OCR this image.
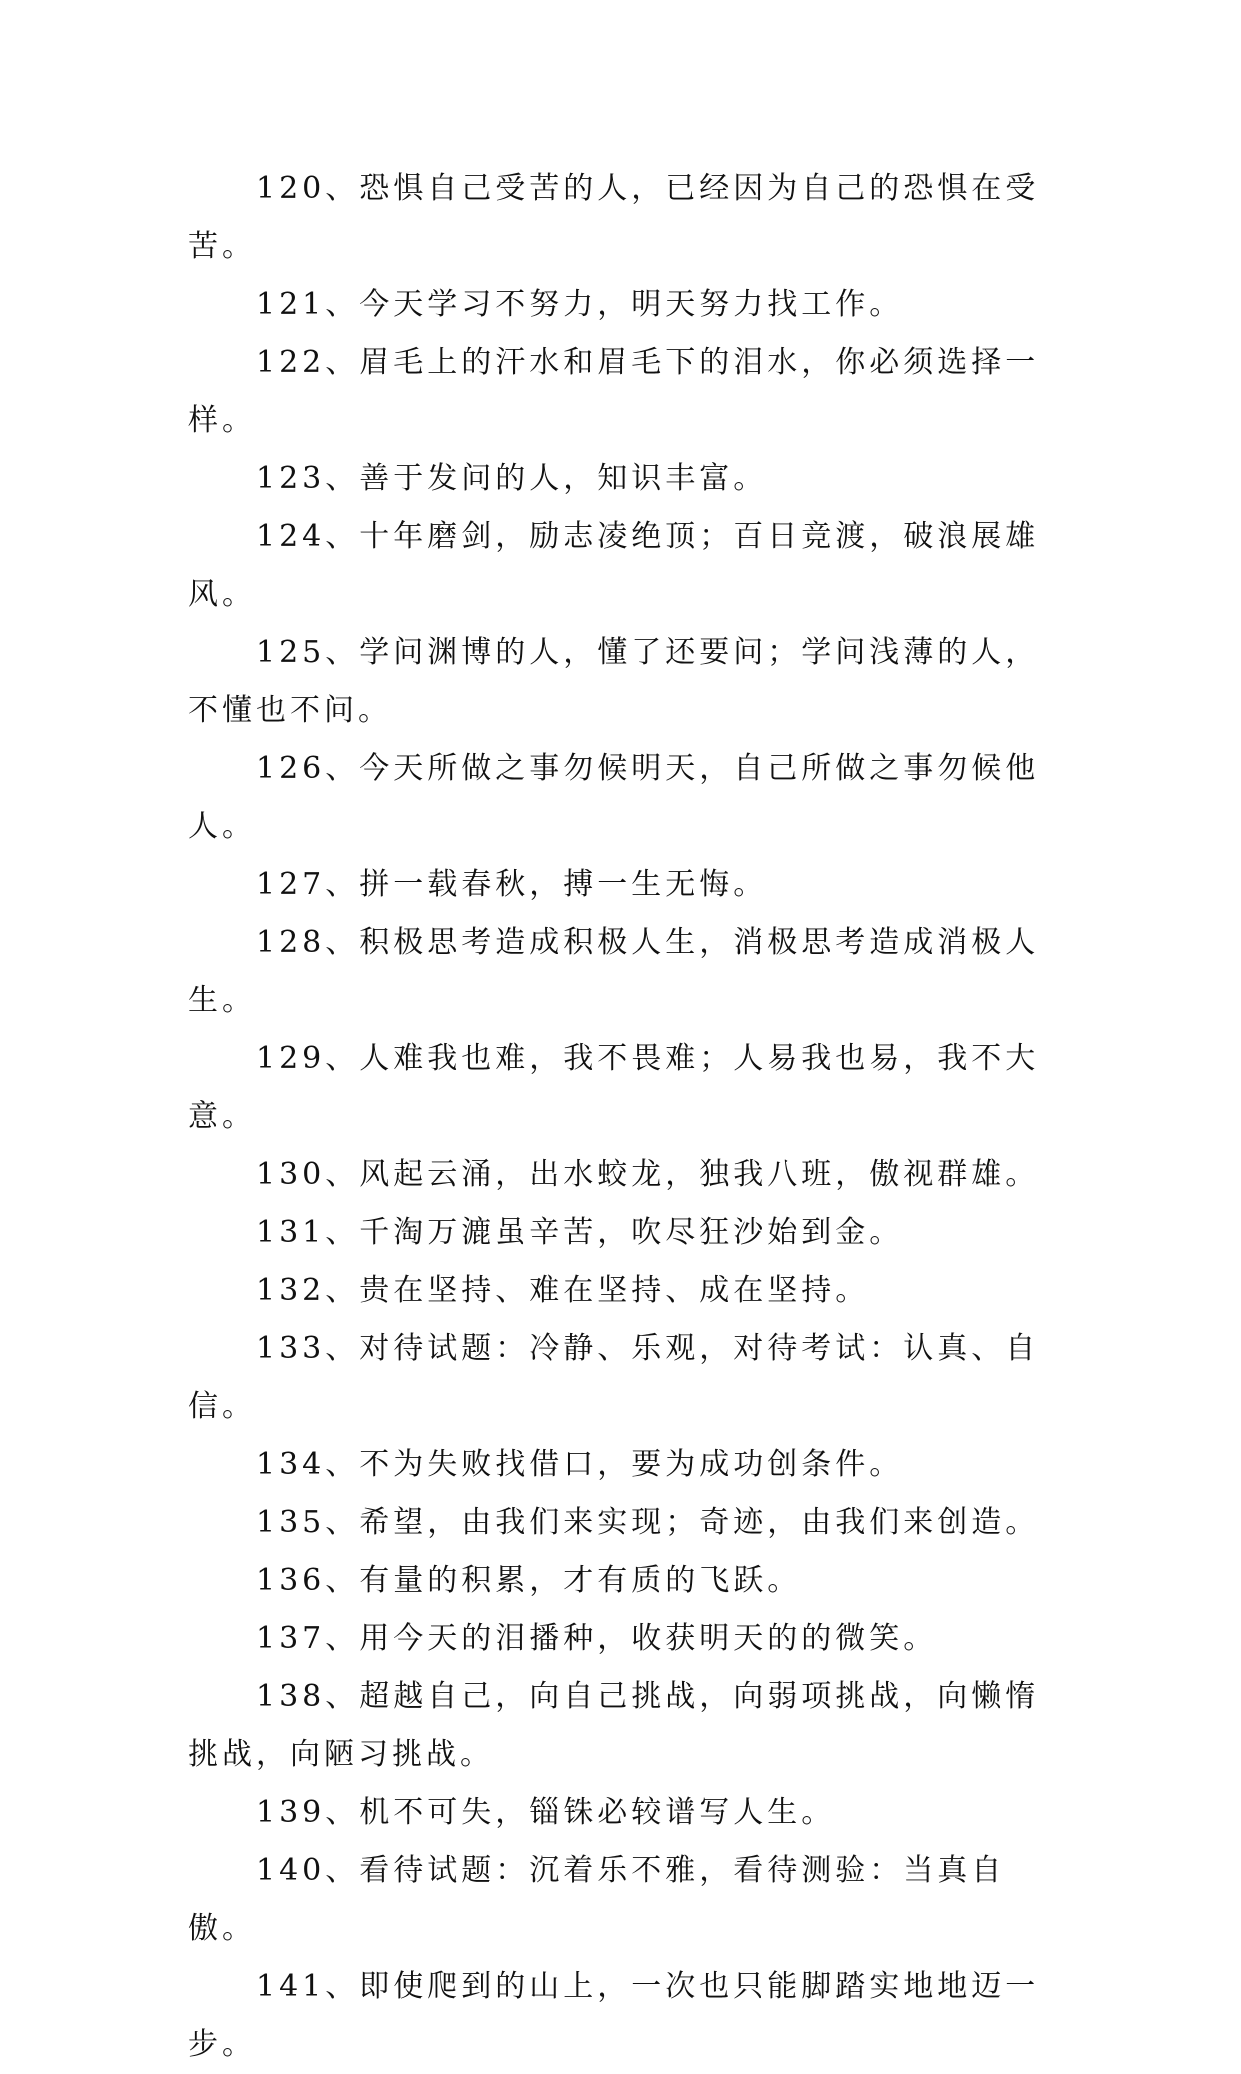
120、恐惧自己受苦的人，已经因为自己的恐惧在受苦。

121、今天学习不努力，明天努力找工作。

122、眉毛上的汗水和眉毛下的泪水，你必须选择一样。

123、善于发问的人，知识丰富。

124、十年磨剑，励志凌绝顶；百日竞渡，破浪展雄风。

125、学问渊博的人，懂了还要问；学问浅薄的人，不懂也不问。

126、今天所做之事勿候明天，自己所做之事勿候他人。

127、拼一载春秋，搏一生无悔。

128、积极思考造成积极人生，消极思考造成消极人生。

129、人难我也难，我不畏难；人易我也易，我不大意。

130、风起云涌，出水蛟龙，独我八班，傲视群雄。

131、千淘万漉虽辛苦，吹尽狂沙始到金。

132、贵在坚持、难在坚持、成在坚持。

133、对待试题：冷静、乐观，对待考试：认真、自信。

134、不为失败找借口，要为成功创条件。

135、希望，由我们来实现；奇迹，由我们来创造。

136、有量的积累，才有质的飞跃。

137、用今天的泪播种，收获明天的的微笑。

138、超越自己，向自己挑战，向弱项挑战，向懒惰挑战，向陋习挑战。

139、机不可失，锱铢必较谱写人生。

140、看待试题：沉着乐不雅，看待测验：当真自傲。

141、即使爬到的山上，一次也只能脚踏实地地迈一步。
